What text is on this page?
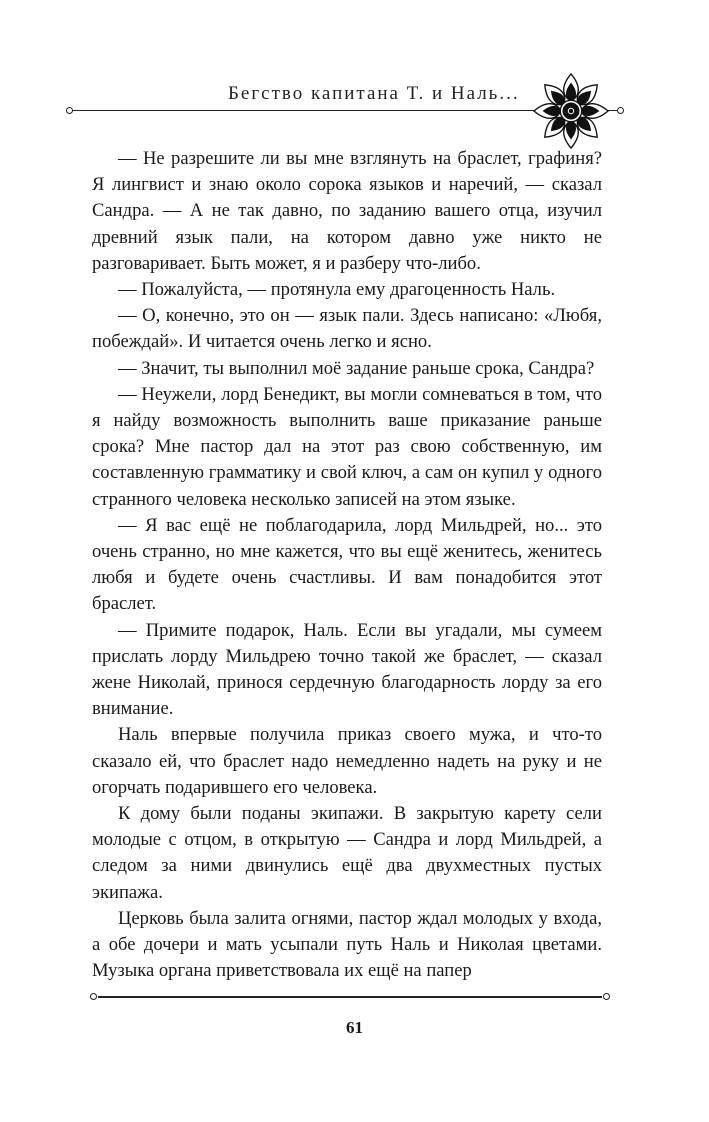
Бегство капитана Т. и Наль...

— Не разрешите ли вы мне взглянуть на браслет, графиня? Я лингвист и знаю около сорока языков и наречий, — сказал Сандра. — А не так давно, по заданию вашего отца, изучил древний язык пали, на котором давно уже никто не разговаривает. Быть может, я и разберу что-либо.

— Пожалуйста, — протянула ему драгоценность Наль.

— О, конечно, это он — язык пали. Здесь написано: «Любя, побеждай». И читается очень легко и ясно.

— Значит, ты выполнил моё задание раньше срока, Сандра?

— Неужели, лорд Бенедикт, вы могли сомневаться в том, что я найду возможность выполнить ваше приказание раньше срока? Мне пастор дал на этот раз свою собственную, им составленную грамматику и свой ключ, а сам он купил у одного странного человека несколько записей на этом языке.

— Я вас ещё не поблагодарила, лорд Мильдрей, но... это очень странно, но мне кажется, что вы ещё женитесь, женитесь любя и будете очень счастливы. И вам понадобится этот браслет.

— Примите подарок, Наль. Если вы угадали, мы сумеем прислать лорду Мильдрею точно такой же браслет, — сказал жене Николай, принося сердечную благодарность лорду за его внимание.

Наль впервые получила приказ своего мужа, и что-то сказало ей, что браслет надо немедленно надеть на руку и не огорчать подарившего его человека.

К дому были поданы экипажи. В закрытую карету сели молодые с отцом, в открытую — Сандра и лорд Мильдрей, а следом за ними двинулись ещё два двухместных пустых экипажа.

Церковь была залита огнями, пастор ждал молодых у входа, а обе дочери и мать усыпали путь Наль и Николая цветами. Музыка органа приветствовала их ещё на папер

61
